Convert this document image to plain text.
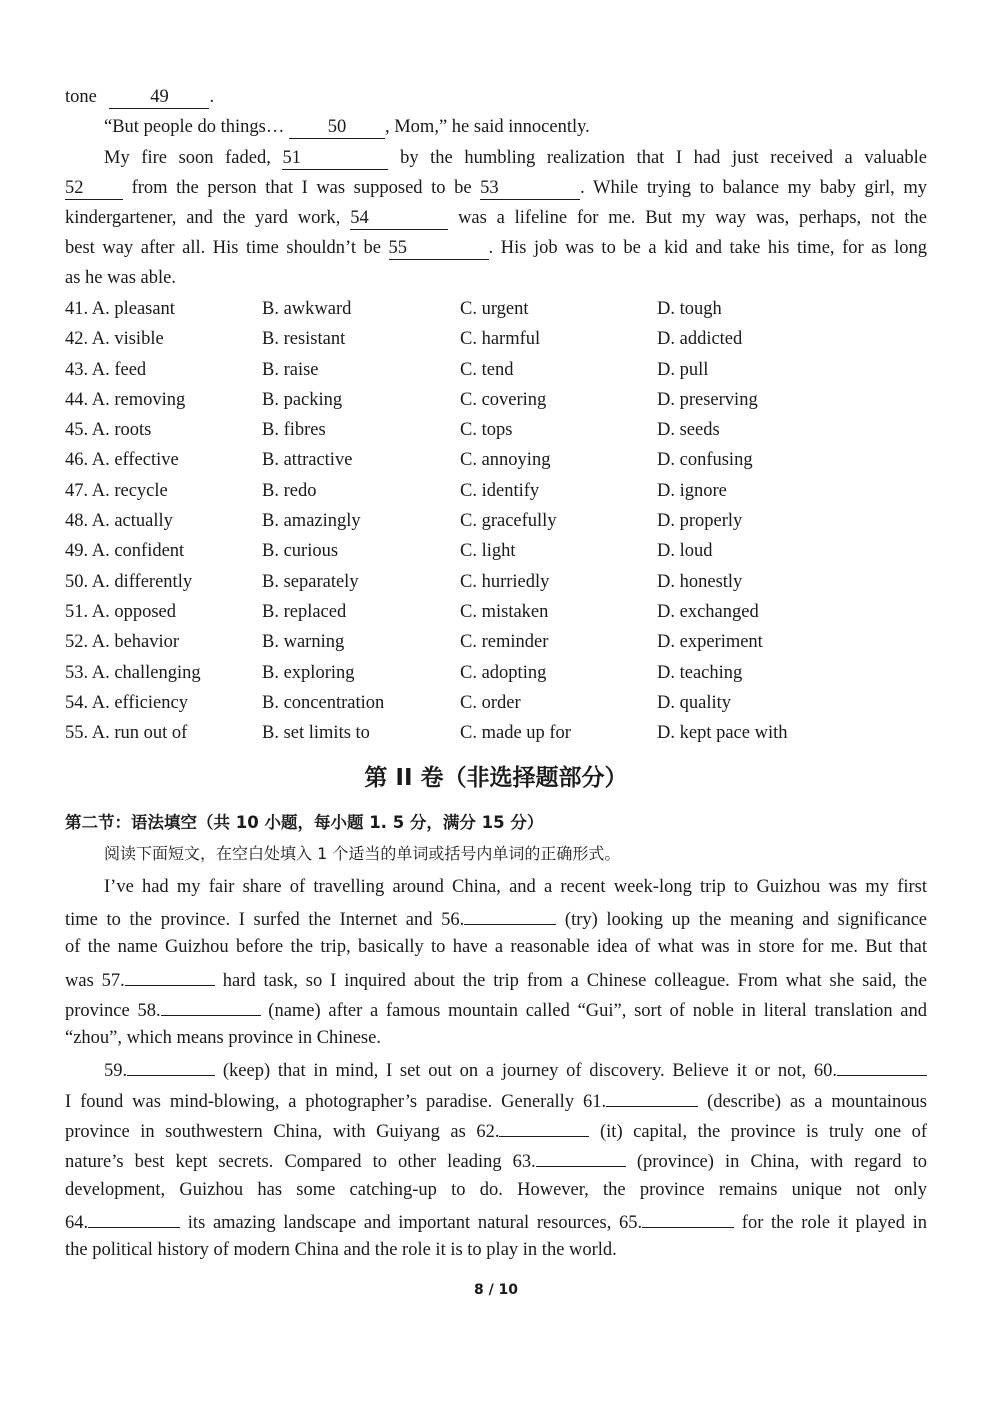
tone	49 .
“But people do things… 50 , Mom,” he said innocently.
My fire soon faded, 51	by the humbling realization that I had just received a valuable
52	from the person that I was supposed to be 53	. While trying to balance my baby girl, my
kindergartener, and the yard work, 54	was a lifeline for me. But my way was, perhaps, not the
best way after all. His time shouldn’t be 55	. His job was to be a kid and take his time, for as long
as he was able.
41. A. pleasant	B. awkward	C. urgent	D. tough
42. A. visible	B. resistant	C. harmful	D. addicted
43. A. feed	B. raise	C. tend	D. pull
44. A. removing	B. packing	C. covering	D. preserving
45. A. roots	B. fibres	C. tops	D. seeds
46. A. effective	B. attractive	C. annoying	D. confusing
47. A. recycle	B. redo	C. identify	D. ignore
48. A. actually	B. amazingly	C. gracefully	D. properly
49. A. confident	B. curious	C. light	D. loud
50. A. differently	B. separately	C. hurriedly	D. honestly
51. A. opposed	B. replaced	C. mistaken	D. exchanged
52. A. behavior	B. warning	C. reminder	D. experiment
53. A. challenging	B. exploring	C. adopting	D. teaching
54. A. efficiency	B. concentration	C. order	D. quality
55. A. run out of	B. set limits to	C. made up for	D. kept pace with
第 II 卷（非选择题部分）
第二节：语法填空（共 10 小题，每小题 1. 5 分，满分 15 分）
阅读下面短文，在空白处填入 1 个适当的单词或括号内单词的正确形式。
I’ve had my fair share of travelling around China, and a recent week-long trip to Guizhou was my first
time to the province. I surfed the Internet and 56.	(try) looking up the meaning and significance
of the name Guizhou before the trip, basically to have a reasonable idea of what was in store for me. But that
was 57.	hard task, so I inquired about the trip from a Chinese colleague. From what she said, the
province 58.	(name) after a famous mountain called “Gui”, sort of noble in literal translation and
“zhou”, which means province in Chinese.
59.	(keep) that in mind, I set out on a journey of discovery. Believe it or not, 60.
I found was mind-blowing, a photographer’s paradise. Generally 61.	(describe) as a mountainous
province in southwestern China, with Guiyang as 62.	(it) capital, the province is truly one of
nature’s best kept secrets. Compared to other leading 63.	(province) in China, with regard to
development, Guizhou has some catching-up to do. However, the province remains unique not only
64.	its amazing landscape and important natural resources, 65.	for the role it played in
the political history of modern China and the role it is to play in the world.
8 / 10
